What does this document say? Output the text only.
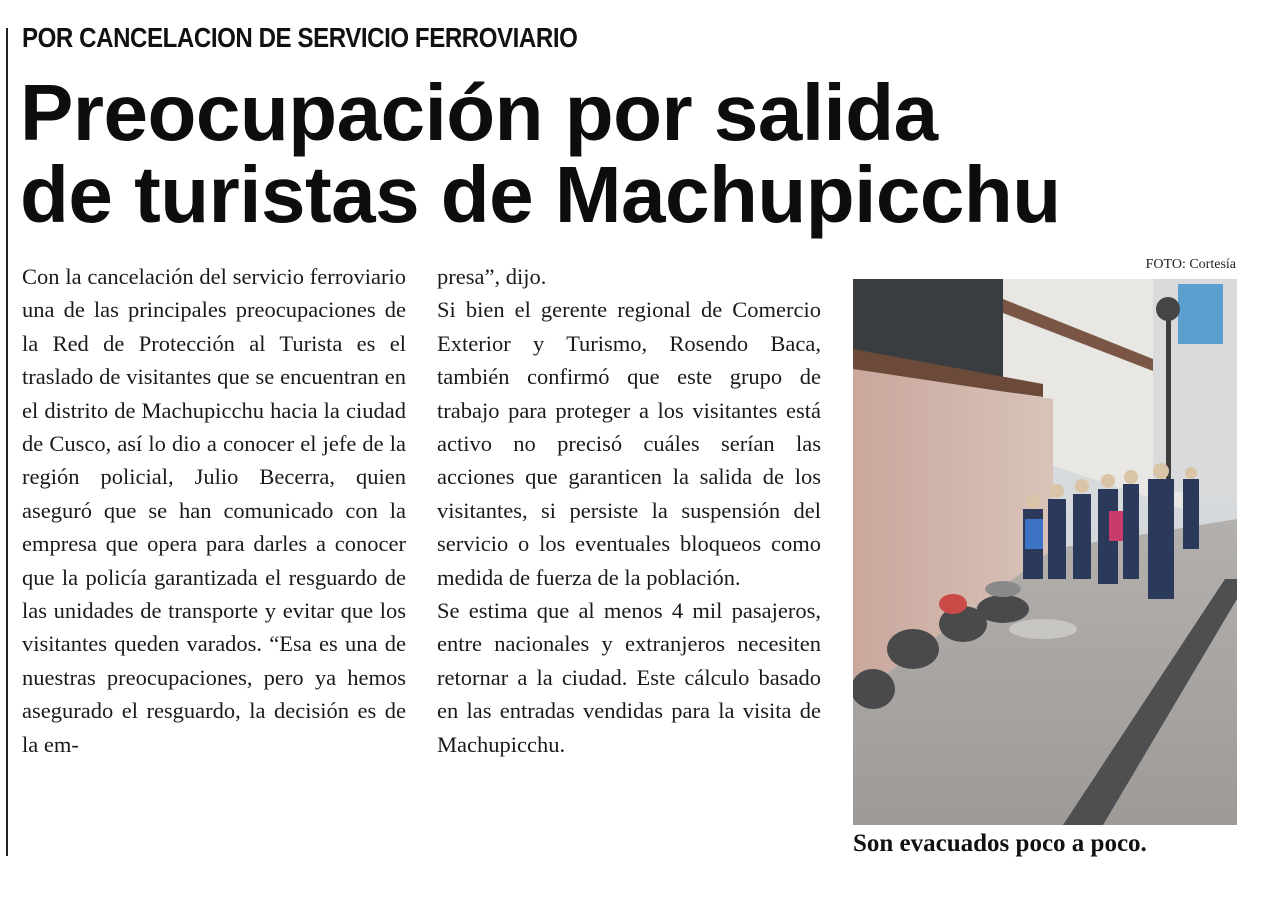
POR CANCELACION DE SERVICIO FERROVIARIO
Preocupación por salida
de turistas de Machupicchu

Con la cancelación del servicio ferroviario una de las principales preocupaciones de la Red de Protección al Turista es el traslado de visitantes que se encuentran en el distrito de Machupicchu hacia la ciudad de Cusco, así lo dio a conocer el jefe de la región policial, Julio Becerra, quien aseguró que se han comunicado con la empresa que opera para darles a conocer que la policía garantizada el resguardo de las unidades de transporte y evitar que los visitantes queden varados. “Esa es una de nuestras preocupaciones, pero ya hemos asegurado el resguardo, la decisión es de la em-

presa”, dijo.

Si bien el gerente regional de Comercio Exterior y Turismo, Rosendo Baca, también confirmó que este grupo de trabajo para proteger a los visitantes está activo no precisó cuáles serían las acciones que garanticen la salida de los visitantes, si persiste la suspensión del servicio o los eventuales bloqueos como medida de fuerza de la población.

Se estima que al menos 4 mil pasajeros, entre nacionales y extranjeros necesiten retornar a la ciudad. Este cálculo basado en las entradas vendidas para la visita de Machupicchu.

FOTO: Cortesía
Son evacuados poco a poco.
